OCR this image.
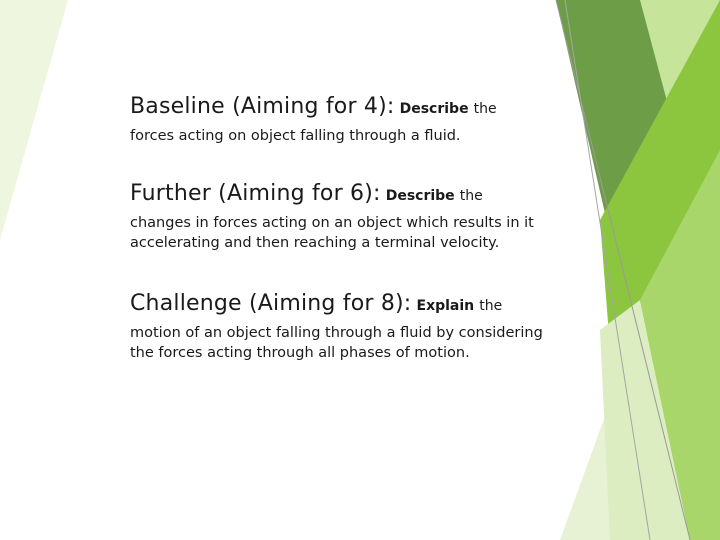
Baseline (Aiming for 4): Describe the
forces acting on object falling through a fluid.
Further (Aiming for 6): Describe the
changes in forces acting on an object which results in it
accelerating and then reaching a terminal velocity.
Challenge (Aiming for 8): Explain the
motion of an object falling through a fluid by considering
the forces acting through all phases of motion.
